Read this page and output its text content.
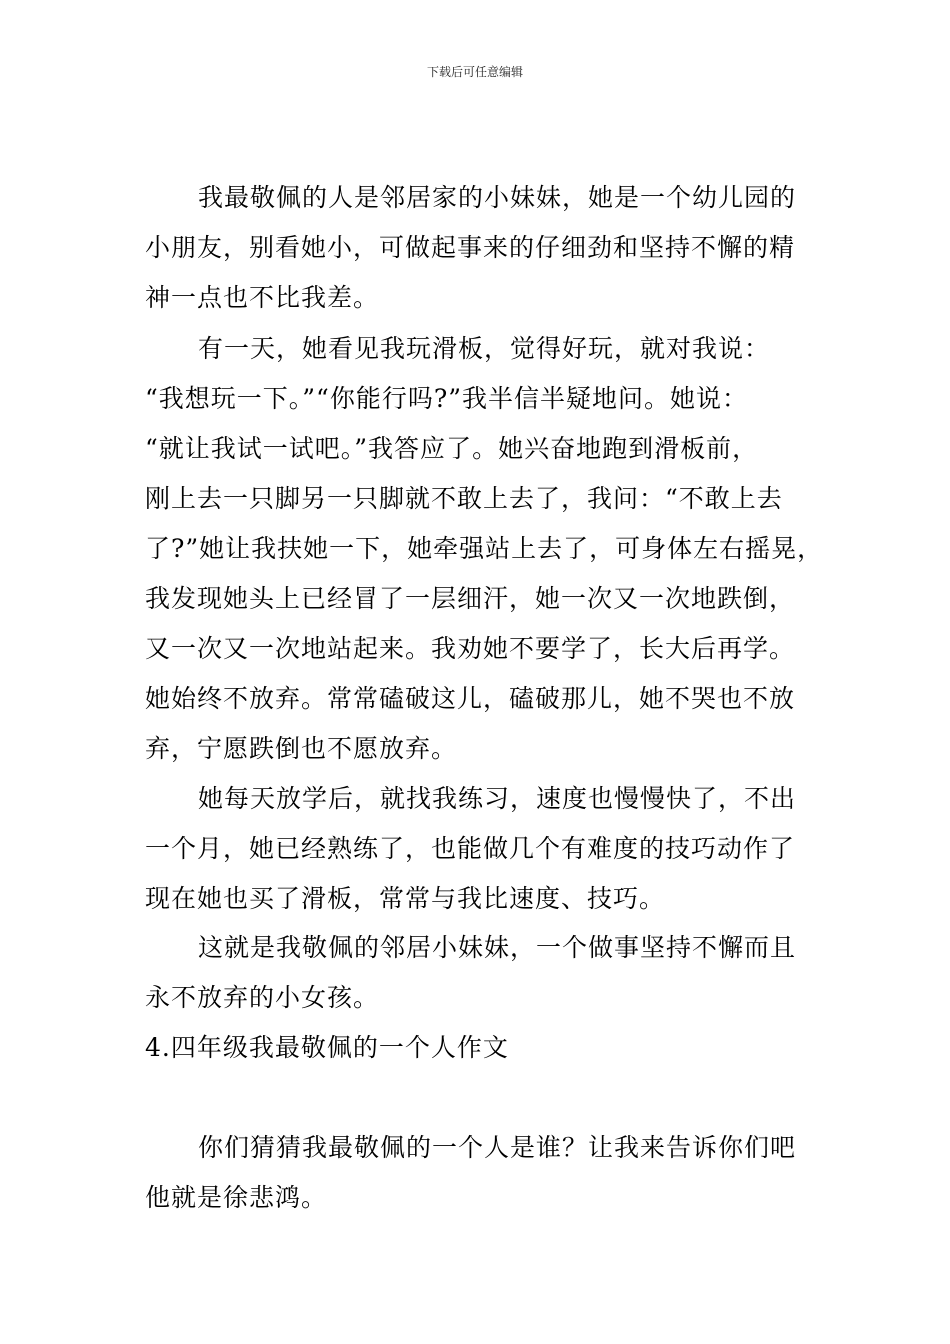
下载后可任意编辑
我最敬佩的人是邻居家的小妹妹，她是一个幼儿园的
小朋友，别看她小，可做起事来的仔细劲和坚持不懈的精
神一点也不比我差。
有一天，她看见我玩滑板，觉得好玩，就对我说：
“我想玩一下。”“你能行吗?”我半信半疑地问。她说：
“就让我试一试吧。”我答应了。她兴奋地跑到滑板前，
刚上去一只脚另一只脚就不敢上去了，我问：“不敢上去
了?”她让我扶她一下，她牵强站上去了，可身体左右摇晃，
我发现她头上已经冒了一层细汗，她一次又一次地跌倒，
又一次又一次地站起来。我劝她不要学了，长大后再学。
她始终不放弃。常常磕破这儿，磕破那儿，她不哭也不放
弃，宁愿跌倒也不愿放弃。
她每天放学后，就找我练习，速度也慢慢快了，不出
一个月，她已经熟练了，也能做几个有难度的技巧动作了
现在她也买了滑板，常常与我比速度、技巧。
这就是我敬佩的邻居小妹妹，一个做事坚持不懈而且
永不放弃的小女孩。
4.四年级我最敬佩的一个人作文
你们猜猜我最敬佩的一个人是谁？让我来告诉你们吧
他就是徐悲鸿。
